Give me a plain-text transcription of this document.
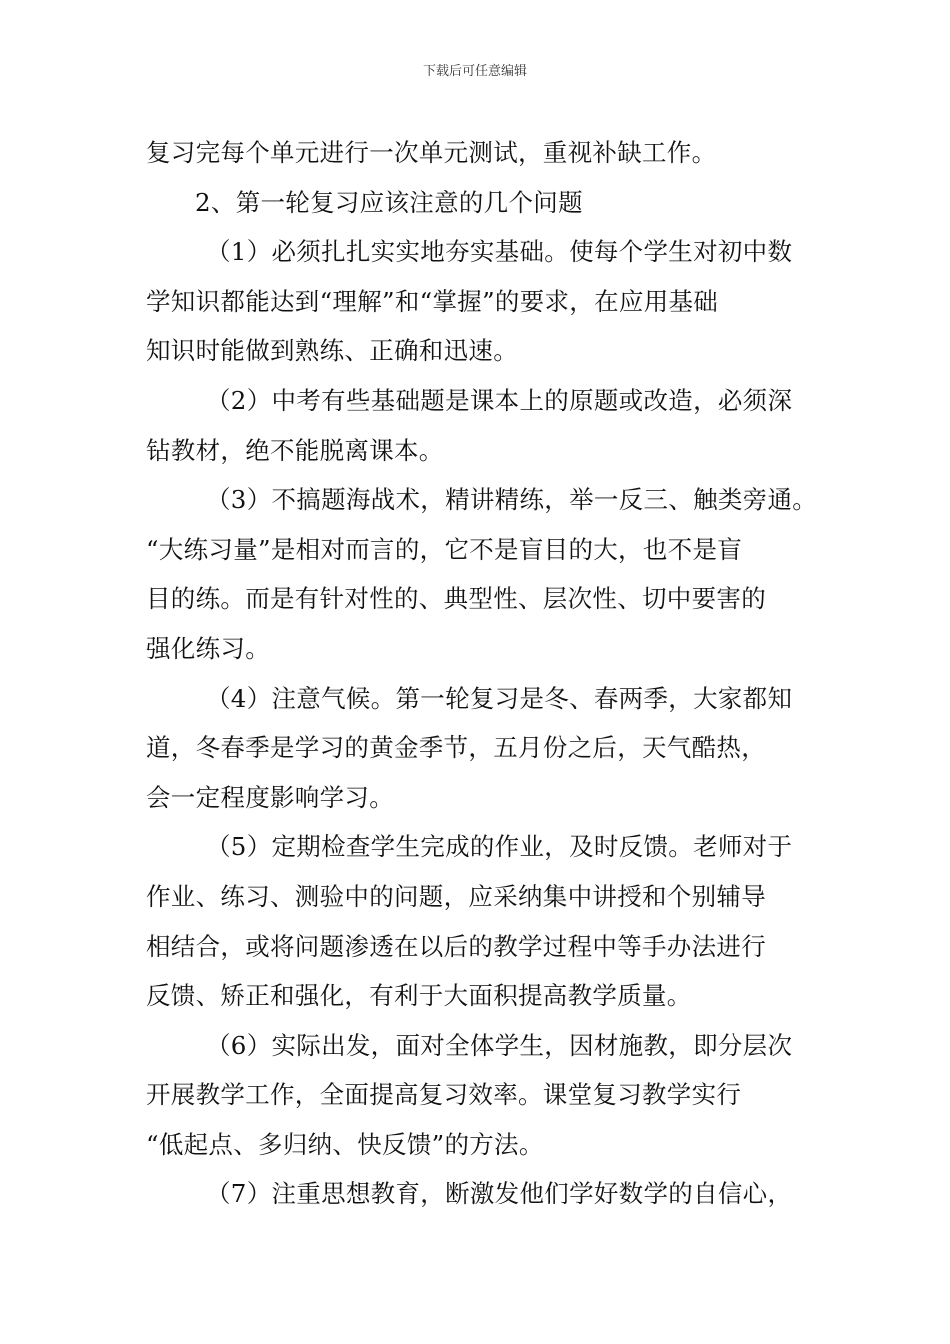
下载后可任意编辑
复习完每个单元进行一次单元测试，重视补缺工作。
2、第一轮复习应该注意的几个问题
（1）必须扎扎实实地夯实基础。使每个学生对初中数
学知识都能达到“理解”和“掌握”的要求，在应用基础
知识时能做到熟练、正确和迅速。
（2）中考有些基础题是课本上的原题或改造，必须深
钻教材，绝不能脱离课本。
（3）不搞题海战术，精讲精练，举一反三、触类旁通。
“大练习量”是相对而言的，它不是盲目的大，也不是盲
目的练。而是有针对性的、典型性、层次性、切中要害的
强化练习。
（4）注意气候。第一轮复习是冬、春两季，大家都知
道，冬春季是学习的黄金季节，五月份之后，天气酷热，
会一定程度影响学习。
（5）定期检查学生完成的作业，及时反馈。老师对于
作业、练习、测验中的问题，应采纳集中讲授和个别辅导
相结合，或将问题渗透在以后的教学过程中等手办法进行
反馈、矫正和强化，有利于大面积提高教学质量。
（6）实际出发，面对全体学生，因材施教，即分层次
开展教学工作，全面提高复习效率。课堂复习教学实行
“低起点、多归纳、快反馈”的方法。
（7）注重思想教育，断激发他们学好数学的自信心，
